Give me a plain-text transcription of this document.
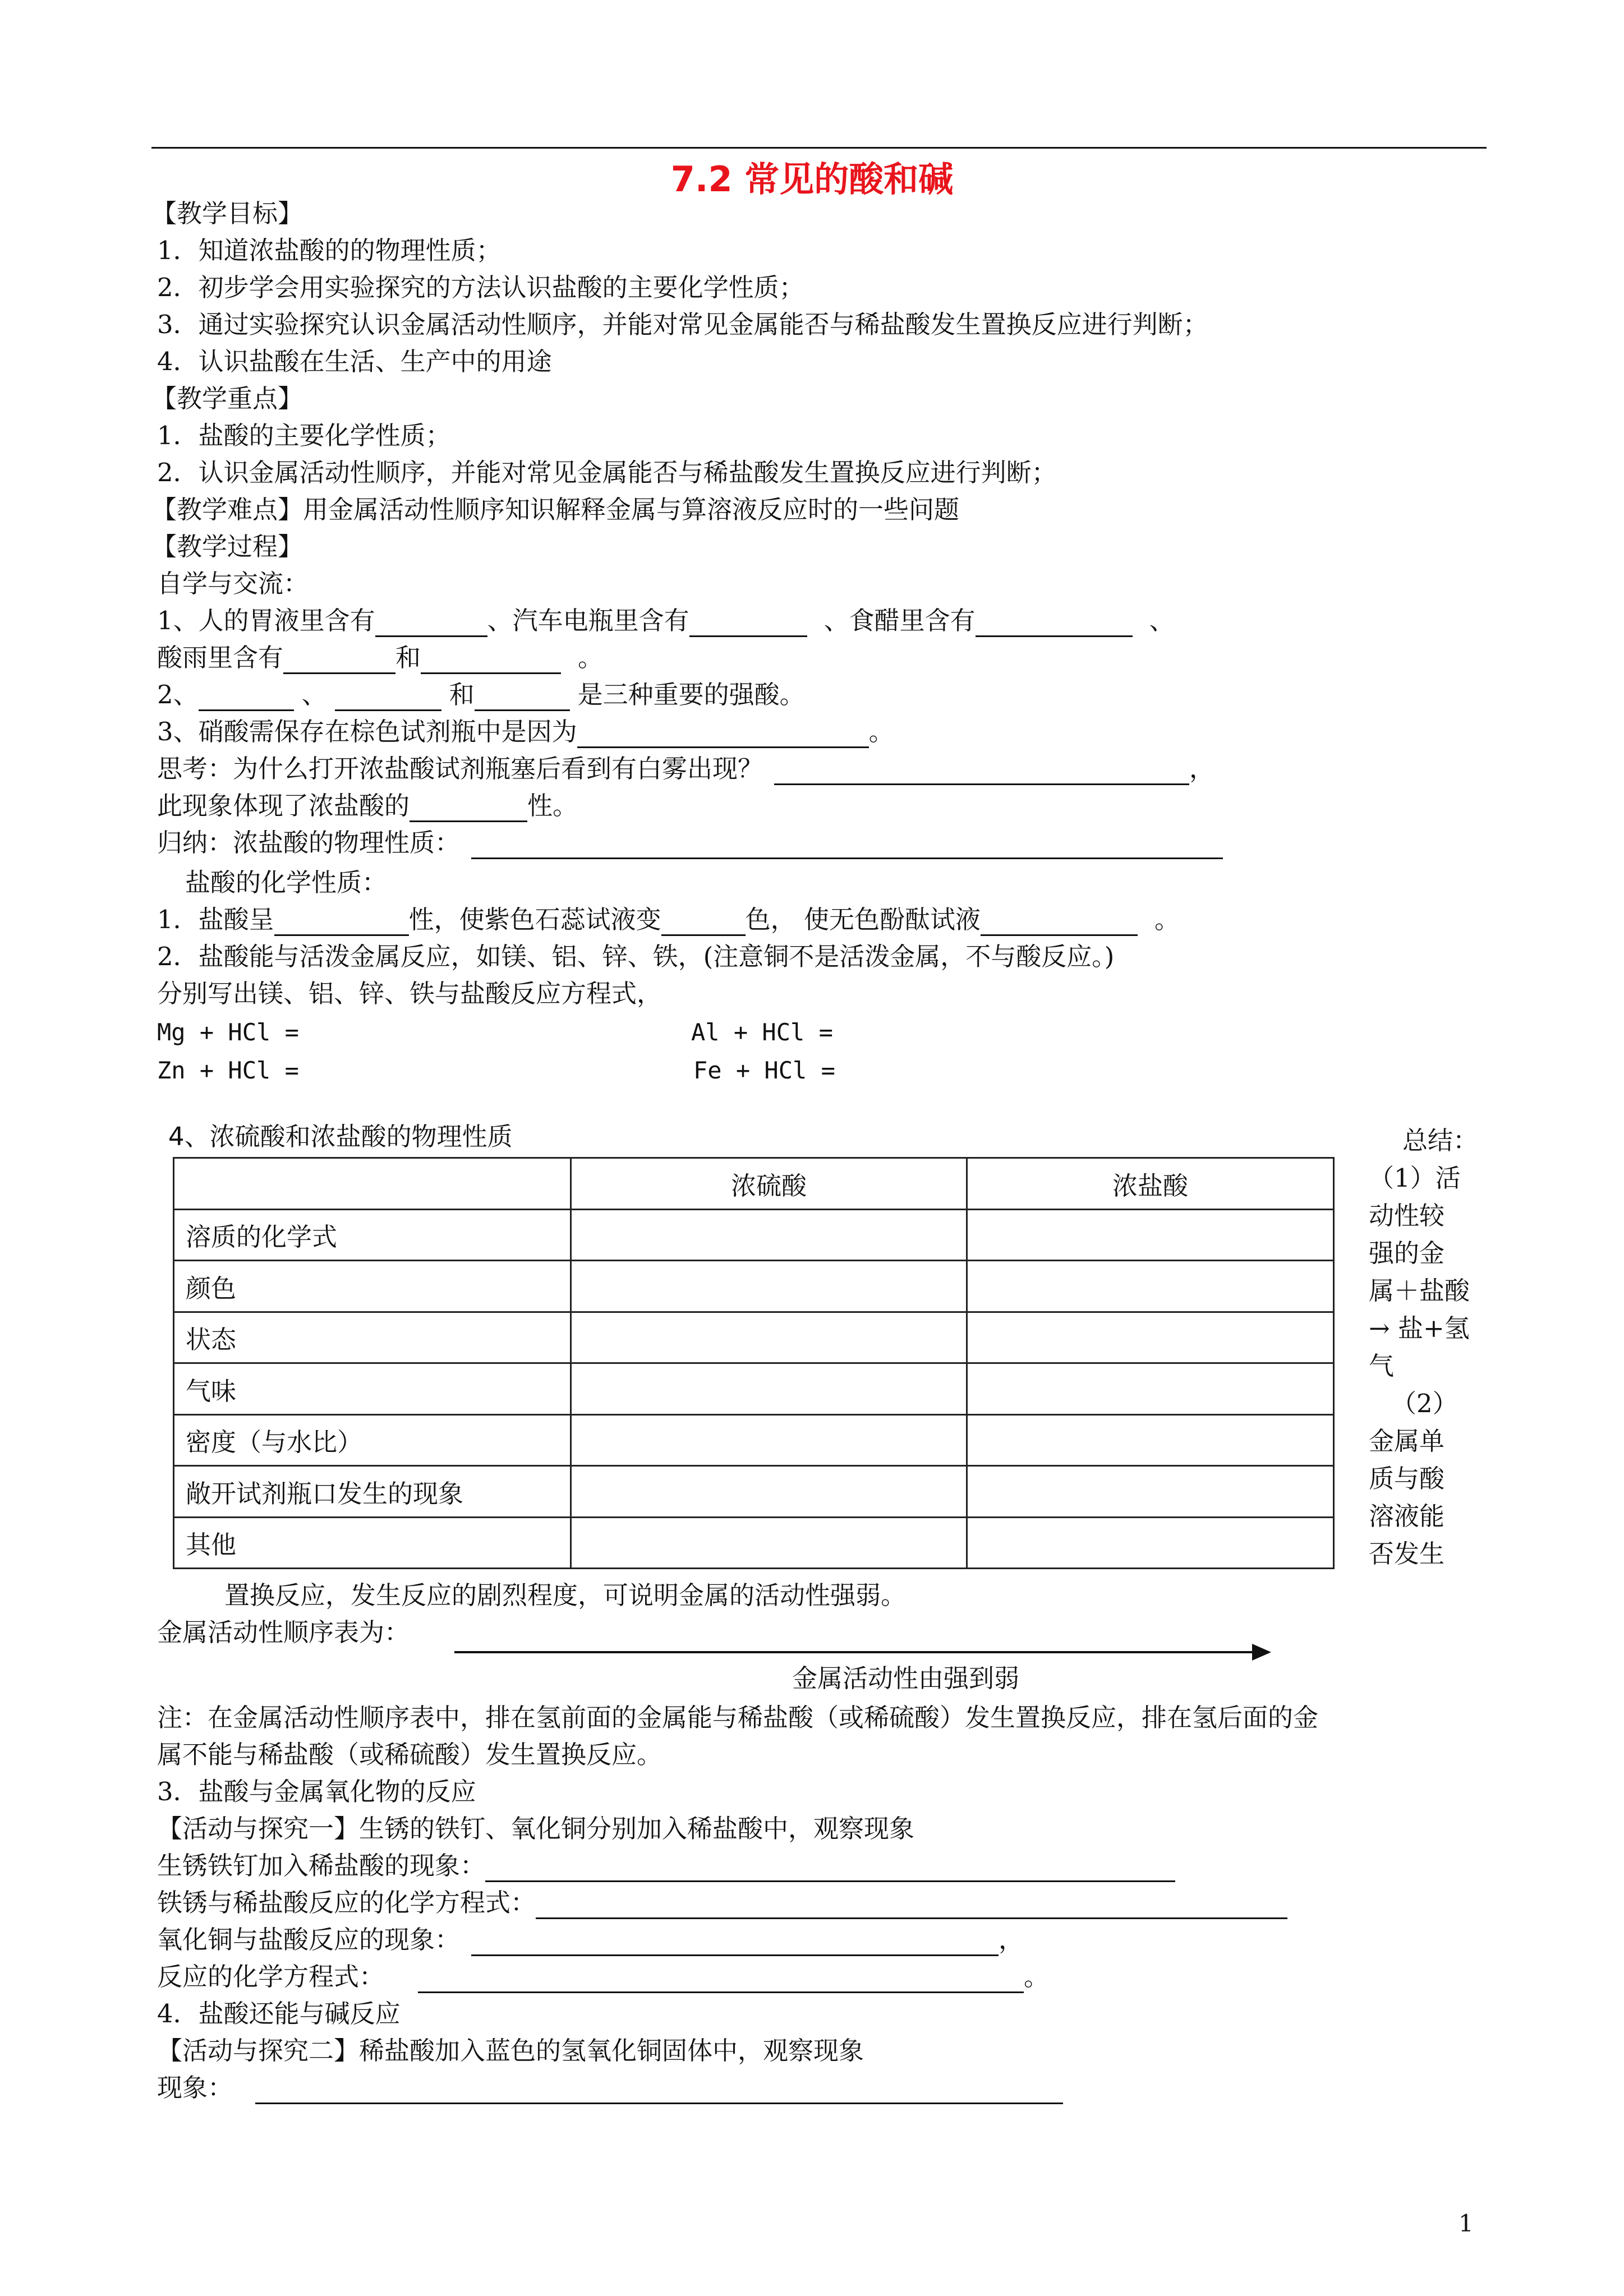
7.2 常见的酸和碱
【教学目标】
1．知道浓盐酸的的物理性质；
2．初步学会用实验探究的方法认识盐酸的主要化学性质；
3．通过实验探究认识金属活动性顺序，并能对常见金属能否与稀盐酸发生置换反应进行判断；
4．认识盐酸在生活、生产中的用途
【教学重点】
1．盐酸的主要化学性质；
2．认识金属活动性顺序，并能对常见金属能否与稀盐酸发生置换反应进行判断；
【教学难点】用金属活动性顺序知识解释金属与算溶液反应时的一些问题
【教学过程】
自学与交流：
1、人的胃液里含有	、汽车电瓶里含有	、食醋里含有	、
酸雨里含有	和	。
2、	、	和	是三种重要的强酸。
3、硝酸需保存在棕色试剂瓶中是因为	。
思考：为什么打开浓盐酸试剂瓶塞后看到有白雾出现？	，
此现象体现了浓盐酸的	性。
归纳：浓盐酸的物理性质：
盐酸的化学性质：
1．盐酸呈	性，使紫色石蕊试液变	色， 使无色酚酞试液	。
2．盐酸能与活泼金属反应，如镁、铝、锌、铁，(注意铜不是活泼金属，不与酸反应。)
分别写出镁、铝、锌、铁与盐酸反应方程式，
Mg + HCl =	Al + HCl =
Zn + HCl =	Fe + HCl =
4、浓硫酸和浓盐酸的物理性质
	浓硫酸	浓盐酸
溶质的化学式		
颜色		
状态		
气味		
密度（与水比）		
敞开试剂瓶口发生的现象		
其他		
总结：
（1）活
动性较
强的金
属＋盐酸
→ 盐+氢
气
（2）
金属单
质与酸
溶液能
否发生
置换反应，发生反应的剧烈程度，可说明金属的活动性强弱。
金属活动性顺序表为：
金属活动性由强到弱
注：在金属活动性顺序表中，排在氢前面的金属能与稀盐酸（或稀硫酸）发生置换反应，排在氢后面的金
属不能与稀盐酸（或稀硫酸）发生置换反应。
3．盐酸与金属氧化物的反应
【活动与探究一】生锈的铁钉、氧化铜分别加入稀盐酸中，观察现象
生锈铁钉加入稀盐酸的现象：
铁锈与稀盐酸反应的化学方程式：
氧化铜与盐酸反应的现象：	，
反应的化学方程式：	。
4．盐酸还能与碱反应
【活动与探究二】稀盐酸加入蓝色的氢氧化铜固体中，观察现象
现象：
1
